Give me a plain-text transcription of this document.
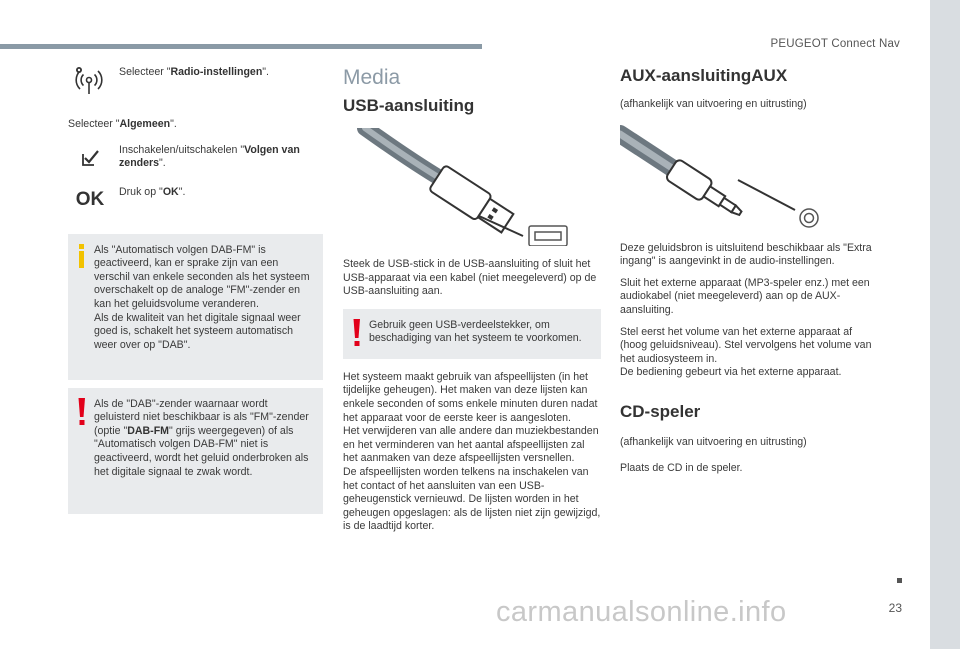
PEUGEOT Connect Nav
23
carmanualsonline.info
Selecteer "Radio-instellingen".
Selecteer "Algemeen".
Inschakelen/uitschakelen "Volgen van zenders".
OK Druk op "OK".
Als "Automatisch volgen DAB-FM" is geactiveerd, kan er sprake zijn van een verschil van enkele seconden als het systeem overschakelt op de analoge "FM"-zender en kan het geluidsvolume veranderen.
Als de kwaliteit van het digitale signaal weer goed is, schakelt het systeem automatisch weer over op "DAB".
Als de "DAB"-zender waarnaar wordt geluisterd niet beschikbaar is als "FM"-zender (optie "DAB-FM" grijs weergegeven) of als "Automatisch volgen DAB-FM" niet is geactiveerd, wordt het geluid onderbroken als het digitale signaal te zwak wordt.
Media
USB-aansluiting
Steek de USB-stick in de USB-aansluiting of sluit het USB-apparaat via een kabel (niet meegeleverd) op de USB-aansluiting aan.
Gebruik geen USB-verdeelstekker, om beschadiging van het systeem te voorkomen.
Het systeem maakt gebruik van afspeellijsten (in het tijdelijke geheugen). Het maken van deze lijsten kan enkele seconden of soms enkele minuten duren nadat het apparaat voor de eerste keer is aangesloten.
Het verwijderen van alle andere dan muziekbestanden en het verminderen van het aantal afspeellijsten zal het aanmaken van deze afspeellijsten versnellen.
De afspeellijsten worden telkens na inschakelen van het contact of het aansluiten van een USB-geheugenstick vernieuwd. De lijsten worden in het geheugen opgeslagen: als de lijsten niet zijn gewijzigd, is de laadtijd korter.
AUX-aansluitingAUX
(afhankelijk van uitvoering en uitrusting)
Deze geluidsbron is uitsluitend beschikbaar als "Extra ingang" is aangevinkt in de audio-instellingen.
Sluit het externe apparaat (MP3-speler enz.) met een audiokabel (niet meegeleverd) aan op de AUX-aansluiting.
Stel eerst het volume van het externe apparaat af (hoog geluidsniveau). Stel vervolgens het volume van het audiosysteem in.
De bediening gebeurt via het externe apparaat.
CD-speler
(afhankelijk van uitvoering en uitrusting)
Plaats de CD in de speler.
